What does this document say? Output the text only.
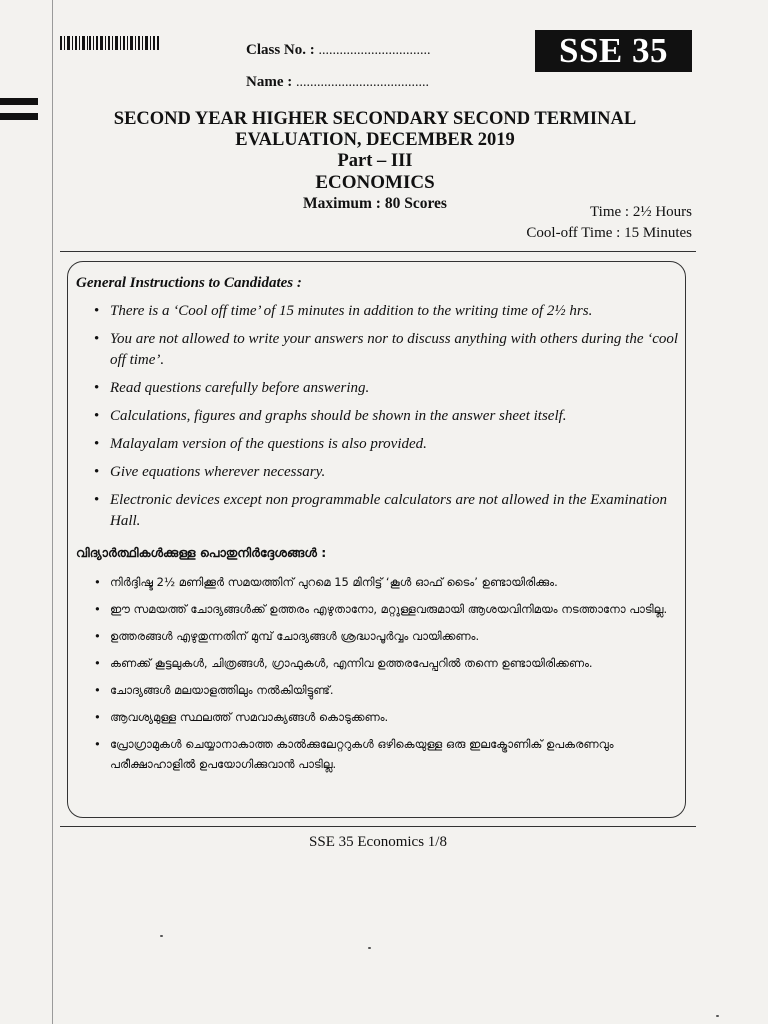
Class No. : ................................
Name : ......................................
SSE 35
SECOND YEAR HIGHER SECONDARY SECOND TERMINAL
EVALUATION, DECEMBER 2019
Part – III
ECONOMICS
Maximum : 80 Scores	Time : 2½ Hours
Cool-off Time : 15 Minutes
General Instructions to Candidates :
• There is a ‘Cool off time’ of 15 minutes in addition to the writing time of 2½ hrs.
• You are not allowed to write your answers nor to discuss anything with others during the ‘cool off time’.
• Read questions carefully before answering.
• Calculations, figures and graphs should be shown in the answer sheet itself.
• Malayalam version of the questions is also provided.
• Give equations wherever necessary.
• Electronic devices except non programmable calculators are not allowed in the Examination Hall.
വിദ്യാർത്ഥികൾക്കുള്ള പൊതുനിർദ്ദേശങ്ങൾ :
• നിർദ്ദിഷ്ട 2½ മണിക്കൂർ സമയത്തിന് പുറമെ 15 മിനിട്ട് ‘കൂൾ ഓഫ് ടൈം’ ഉണ്ടായിരിക്കും.
• ഈ സമയത്ത് ചോദ്യങ്ങൾക്ക് ഉത്തരം എഴുതാനോ, മറ്റുള്ളവരുമായി ആശയവിനിമയം നടത്താനോ പാടില്ല.
• ഉത്തരങ്ങൾ എഴുതുന്നതിന് മുമ്പ് ചോദ്യങ്ങൾ ശ്രദ്ധാപൂർവ്വം വായിക്കണം.
• കണക്ക് കൂട്ടലുകൾ, ചിത്രങ്ങൾ, ഗ്രാഫുകൾ, എന്നിവ ഉത്തരപേപ്പറിൽ തന്നെ ഉണ്ടായിരിക്കണം.
• ചോദ്യങ്ങൾ മലയാളത്തിലും നൽകിയിട്ടുണ്ട്.
• ആവശ്യമുള്ള സ്ഥലത്ത് സമവാക്യങ്ങൾ കൊടുക്കണം.
• പ്രോഗ്രാമുകൾ ചെയ്യാനാകാത്ത കാൽക്കുലേറ്ററുകൾ ഒഴികെയുള്ള ഒരു ഇലക്ട്രോണിക് ഉപകരണവും പരീക്ഷാഹാളിൽ ഉപയോഗിക്കുവാൻ പാടില്ല.
SSE 35 Economics 1/8
